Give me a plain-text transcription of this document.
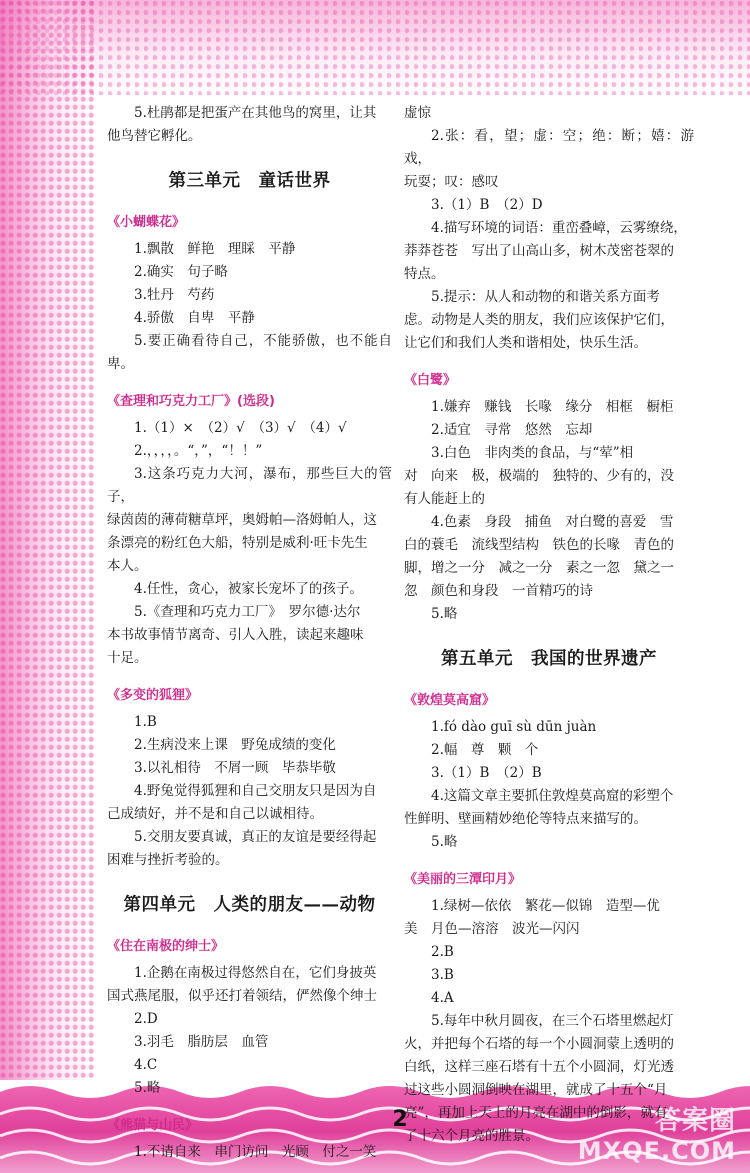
2	答案圈
MXQE.COM

5.杜鹃都是把蛋产在其他鸟的窝里，让其

他鸟替它孵化。

第三单元　童话世界
《小蝴蝶花》

1.飘散　鲜艳　理睬　平静

2.确实　句子略

3.牡丹　芍药

4.骄傲　自卑　平静

5.要正确看待自己，不能骄傲，也不能自卑。

《查理和巧克力工厂》(选段)

1.（1）×　（2）√　（3）√　（4）√

2.，，，，。“，”，“！！”

3.这条巧克力大河，瀑布，那些巨大的管子，

绿茵茵的薄荷糖草坪，奥姆帕—洛姆帕人，这

条漂亮的粉红色大船，特别是威利·旺卡先生

本人。

4.任性，贪心，被家长宠坏了的孩子。

5.《查理和巧克力工厂》　罗尔德·达尔

本书故事情节离奇、引人入胜，读起来趣味

十足。

《多变的狐狸》

1.B

2.生病没来上课　野兔成绩的变化

3.以礼相待　不屑一顾　毕恭毕敬

4.野兔觉得狐狸和自己交朋友只是因为自

己成绩好，并不是和自己以诚相待。

5.交朋友要真诚，真正的友谊是要经得起

困难与挫折考验的。

第四单元　人类的朋友——动物
《住在南极的绅士》

1.企鹅在南极过得悠然自在，它们身披英

国式燕尾服，似乎还打着领结，俨然像个绅士

2.D

3.羽毛　脂肪层　血管

4.C

5.略

《熊猫与山民》

1.不请自来　串门访问　光顾　付之一笑

虚惊

2.张：看，望；虚：空；绝：断；嬉：游戏，

玩耍；叹：感叹

3.（1）B　（2）D

4.描写环境的词语：重峦叠嶂，云雾缭绕，

莽莽苍苍　写出了山高山多，树木茂密苍翠的

特点。

5.提示：从人和动物的和谐关系方面考

虑。动物是人类的朋友，我们应该保护它们，

让它们和我们人类和谐相处，快乐生活。

《白鹭》

1.嫌弃　赚钱　长喙　缘分　相框　橱柜

2.适宜　寻常　悠然　忘却

3.白色　非肉类的食品，与“荤”相

对　向来　极，极端的　独特的、少有的，没

有人能赶上的

4.色素　身段　捕鱼　对白鹭的喜爱　雪

白的蓑毛　流线型结构　铁色的长喙　青色的

脚，增之一分　减之一分　素之一忽　黛之一

忽　颜色和身段　一首精巧的诗

5.略

第五单元　我国的世界遗产
《敦煌莫高窟》

1.fó dào guī sù dūn juàn

2.幅　尊　颗　个

3.（1）B　（2）B

4.这篇文章主要抓住敦煌莫高窟的彩塑个

性鲜明、壁画精妙绝伦等特点来描写的。

5.略

《美丽的三潭印月》

1.绿树—依依　繁花—似锦　造型—优

美　月色—溶溶　波光—闪闪

2.B

3.B

4.A

5.每年中秋月圆夜，在三个石塔里燃起灯

火，并把每个石塔的每一个小圆洞蒙上透明的

白纸，这样三座石塔有十五个小圆洞，灯光透

过这些小圆洞倒映在湖里，就成了十五个“月

亮”，再加上天上的月亮在湖中的倒影，就有

了十六个月亮的胜景。
